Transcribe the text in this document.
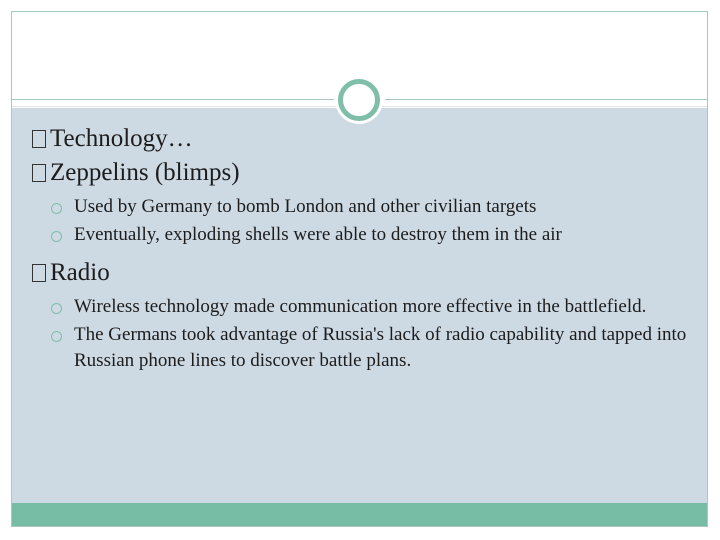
Technology…

Zeppelins (blimps)

Used by Germany to bomb London and other civilian targets

Eventually, exploding shells were able to destroy them in the air

Radio

Wireless technology made communication more effective in the battlefield.

The Germans took advantage of Russia's lack of radio capability and tapped into Russian phone lines to discover battle plans.
